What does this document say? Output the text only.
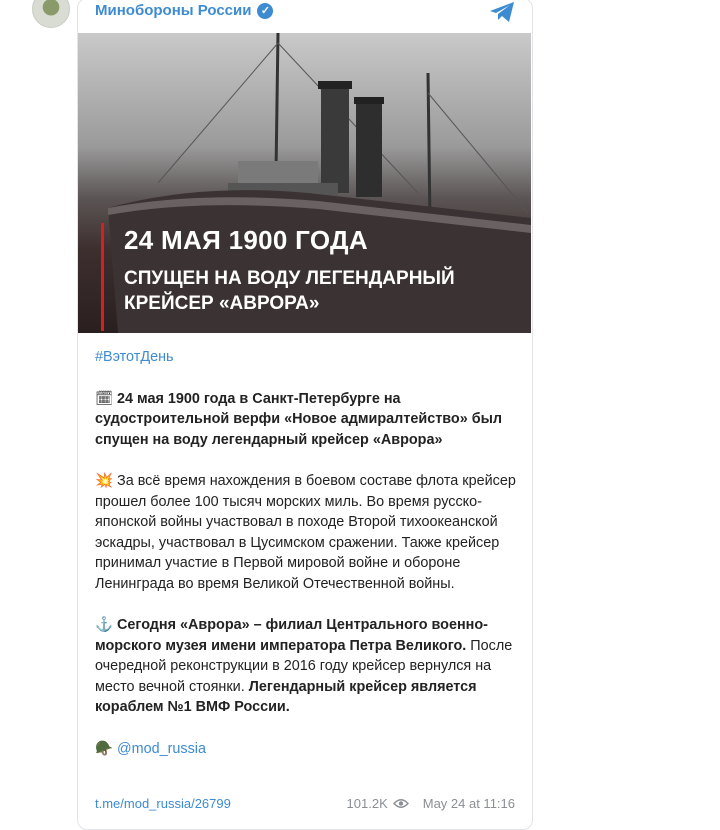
Минобороны России ✓
24 МАЯ 1900 ГОДА
СПУЩЕН НА ВОДУ ЛЕГЕНДАРНЫЙ КРЕЙСЕР «АВРОРА»

#ВэтотДень

🗓 24 мая 1900 года в Санкт-Петербурге на судостроительной верфи «Новое адмиралтейство» был спущен на воду легендарный крейсер «Аврора»

💥 За всё время нахождения в боевом составе флота крейсер прошел более 100 тысяч морских миль. Во время русско-японской войны участвовал в походе Второй тихоокеанской эскадры, участвовал в Цусимском сражении. Также крейсер принимал участие в Первой мировой войне и обороне Ленинграда во время Великой Отечественной войны.

⚓ Сегодня «Аврора» – филиал Центрального военно-морского музея имени императора Петра Великого. После очередной реконструкции в 2016 году крейсер вернулся на место вечной стоянки. Легендарный крейсер является кораблем №1 ВМФ России.

🪖 @mod_russia

t.me/mod_russia/26799	101.2K	May 24 at 11:16
